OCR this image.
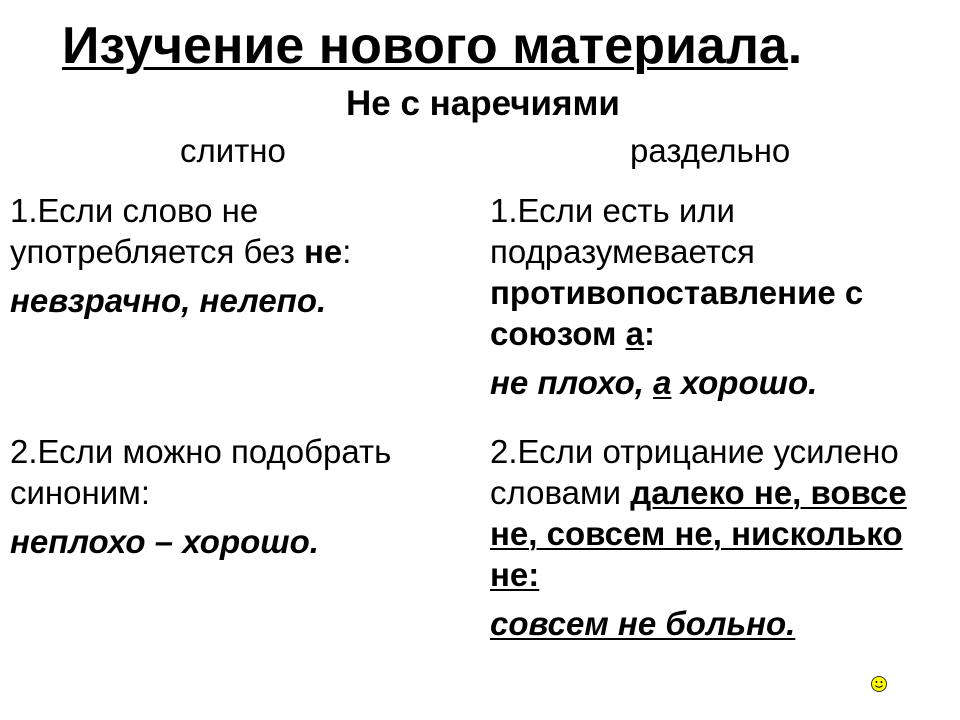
Изучение нового материала.
Не с наречиями
слитно	раздельно

1.Если слово не употребляется без не:

невзрачно, нелепо.

1.Если есть или подразумевается противопоставление с союзом а:

не плохо, а хорошо.

2.Если можно подобрать синоним:

неплохо – хорошо.

2.Если отрицание усилено словами далеко не, вовсе не, совсем не, нисколько не:

совсем не больно.
